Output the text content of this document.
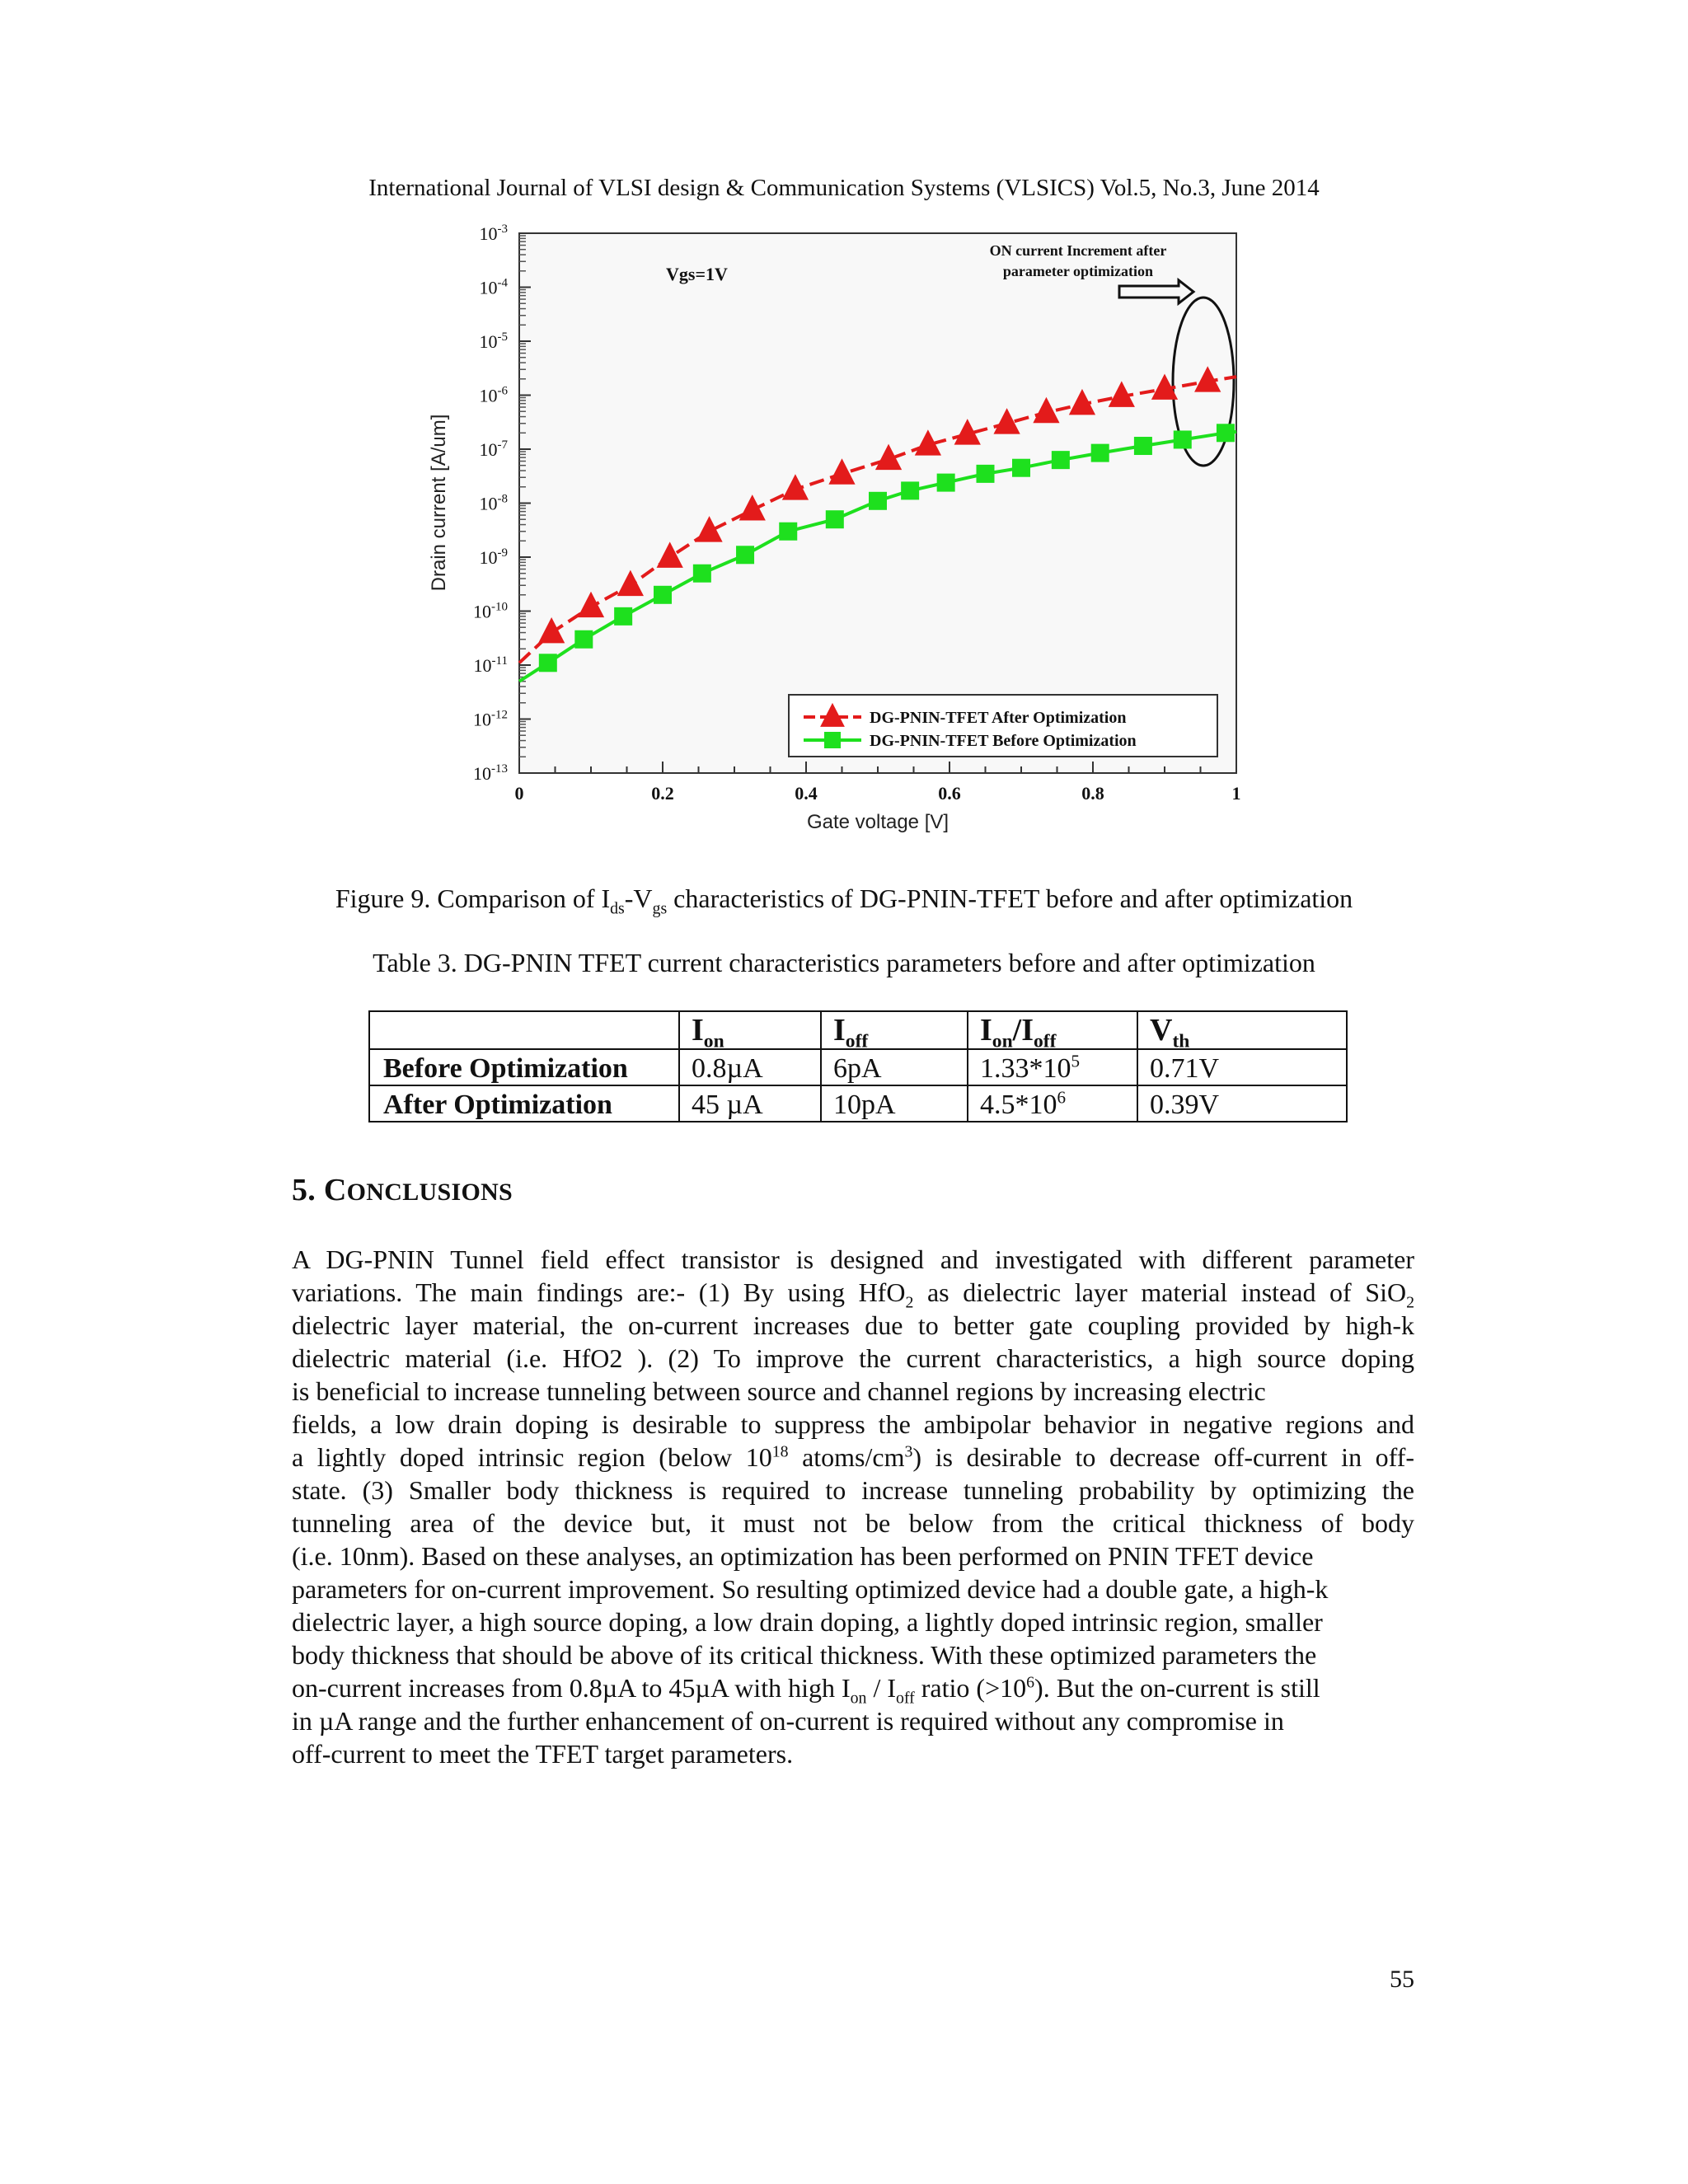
International Journal of VLSI design & Communication Systems (VLSICS) Vol.5, No.3, June 2014
$10^{-3}$
$10^{-4}$
$10^{-5}$
$10^{-6}$
$10^{-7}$
$10^{-8}$
$10^{-9}$
$10^{-10}$
$10^{-11}$
$10^{-12}$
$10^{-13}$
0	0.2	0.4	0.6	0.8	1
Drain current [A/um]
Gate voltage [V]
Vgs=1V
ON current Increment after
parameter optimization
DG-PNIN-TFET After Optimization
DG-PNIN-TFET Before Optimization
Figure 9. Comparison of $I_{ds}-V_{gs}$ characteristics of DG-PNIN-TFET before and after optimization
Table 3. DG-PNIN TFET current characteristics parameters before and after optimization
	$I_{on}$	$I_{off}$	$I_{on}/I_{off}$	$V_{th}$
Before Optimization	0.8µA	6pA	$1.33*10^5$	0.71V
After Optimization	45 µA	10pA	$4.5*10^6$	0.39V
5. CONCLUSIONS
A DG-PNIN Tunnel field effect transistor is designed and investigated with different parameter
variations. The main findings are:- (1) By using HfO$_2$ as dielectric layer material instead of SiO$_2$
dielectric layer material, the on-current increases due to better gate coupling provided by high-k
dielectric material (i.e. HfO2 ). (2) To improve the current characteristics, a high source doping
is beneficial to increase tunneling between source and channel regions by increasing electric
fields, a low drain doping is desirable to suppress the ambipolar behavior in negative regions and
a lightly doped intrinsic region (below $10^{18}$ atoms/$cm^3$) is desirable to decrease off-current in off-
state. (3) Smaller body thickness is required to increase tunneling probability by optimizing the
tunneling area of the device but, it must not be below from the critical thickness of body
(i.e. 10nm). Based on these analyses, an optimization has been performed on PNIN TFET device
parameters for on-current improvement. So resulting optimized device had a double gate, a high-k
dielectric layer, a high source doping, a low drain doping, a lightly doped intrinsic region, smaller
body thickness that should be above of its critical thickness. With these optimized parameters the
on-current increases from 0.8µA to 45µA with high $I_{on} / I_{off}$ ratio $(>10^6)$. But the on-current is still
in µA range and the further enhancement of on-current is required without any compromise in
off-current to meet the TFET target parameters.
55
